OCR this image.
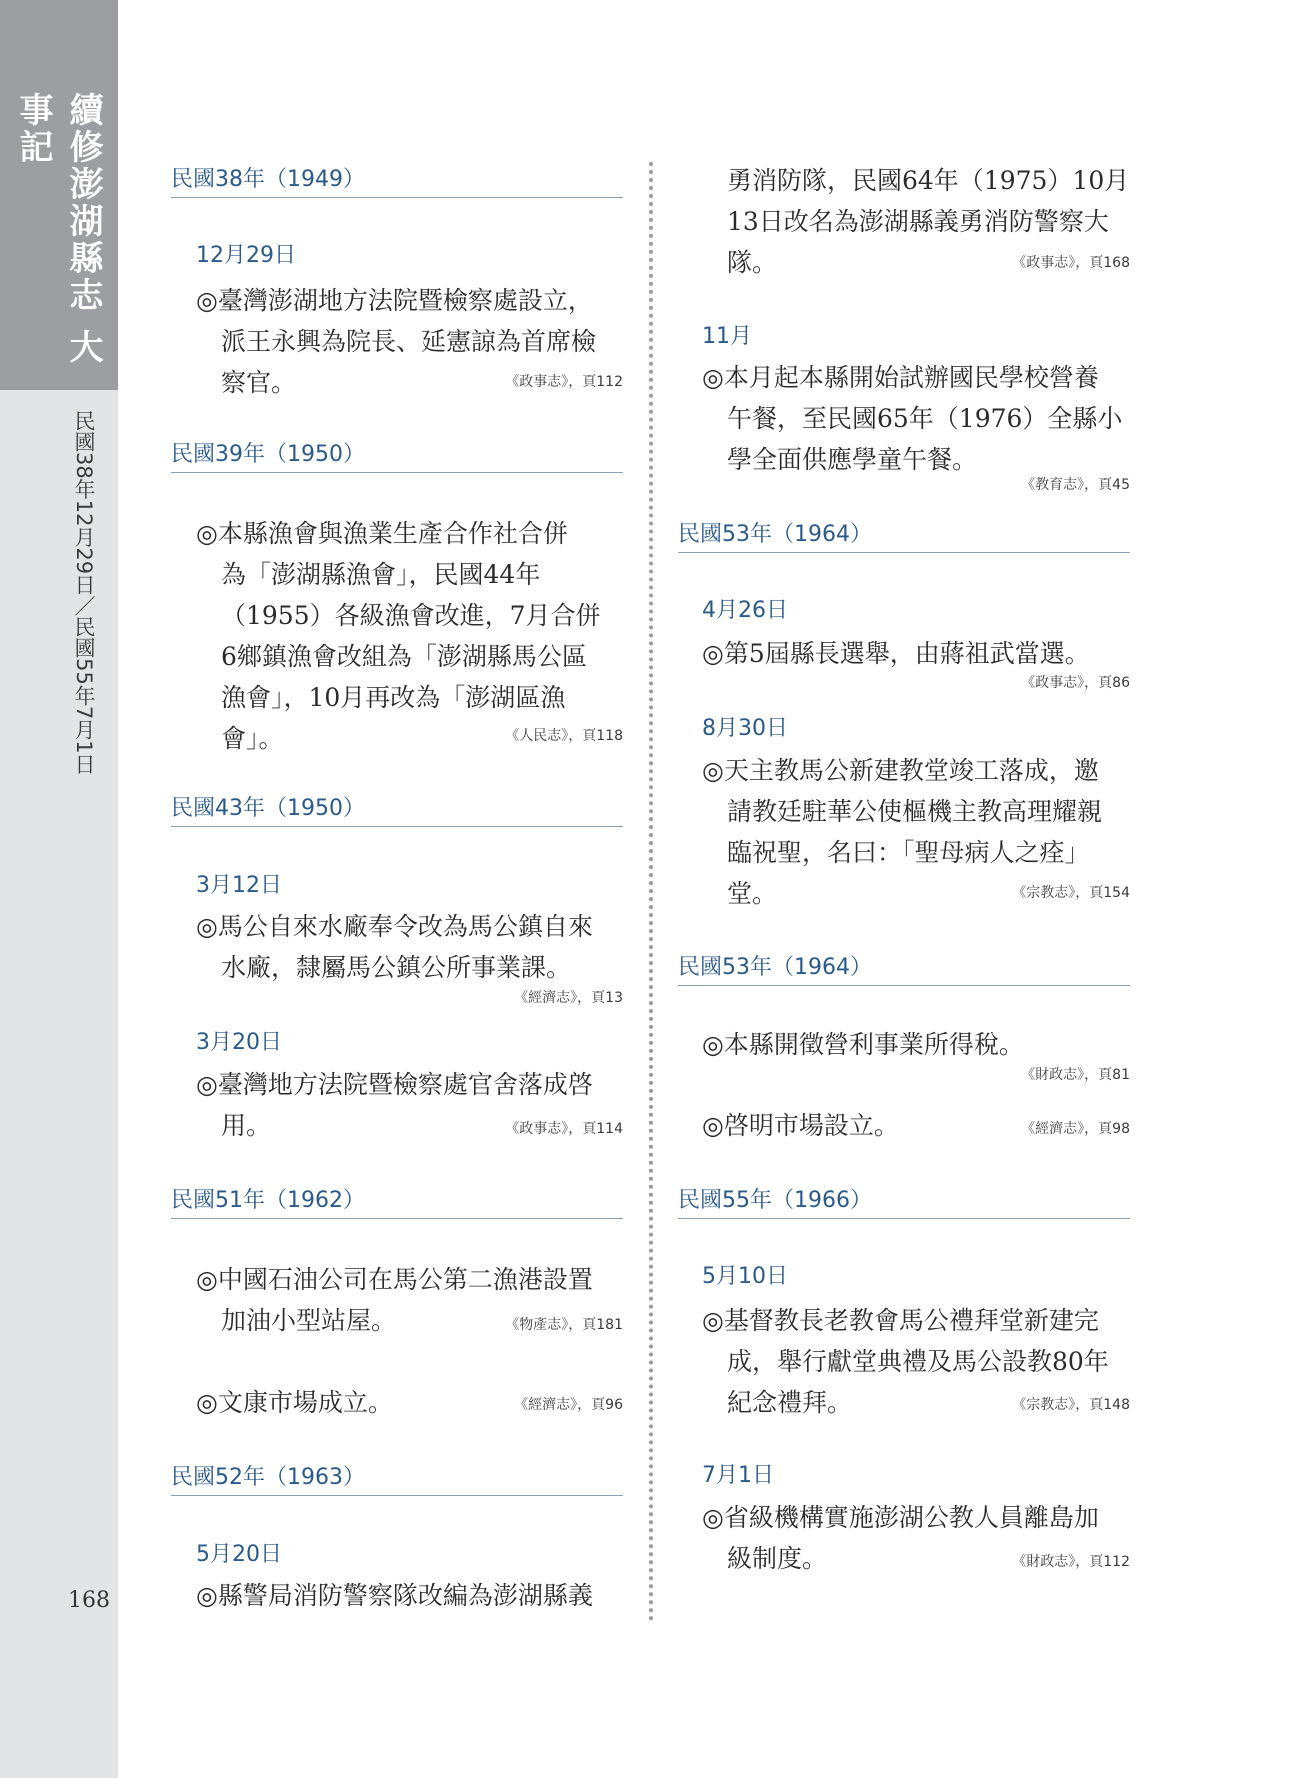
續修澎湖縣志 大事記
民國38年12月29日／民國55年7月1日
168
民國38年（1949）
12月29日
◎臺灣澎湖地方法院暨檢察處設立，
派王永興為院長、延憲諒為首席檢
察官。	《政事志》，頁112
民國39年（1950）
◎本縣漁會與漁業生產合作社合併
為「澎湖縣漁會」，民國44年
（1955）各級漁會改進，7月合併
6鄉鎮漁會改組為「澎湖縣馬公區
漁會」，10月再改為「澎湖區漁
會」。	《人民志》，頁118
民國43年（1950）
3月12日
◎馬公自來水廠奉令改為馬公鎮自來
水廠，隸屬馬公鎮公所事業課。
《經濟志》，頁13
3月20日
◎臺灣地方法院暨檢察處官舍落成啓
用。	《政事志》，頁114
民國51年（1962）
◎中國石油公司在馬公第二漁港設置
加油小型站屋。	《物產志》，頁181
◎文康市場成立。	《經濟志》，頁96
民國52年（1963）
5月20日
◎縣警局消防警察隊改編為澎湖縣義
勇消防隊，民國64年（1975）10月
13日改名為澎湖縣義勇消防警察大
隊。	《政事志》，頁168
11月
◎本月起本縣開始試辦國民學校營養
午餐，至民國65年（1976）全縣小
學全面供應學童午餐。
《教育志》，頁45
民國53年（1964）
4月26日
◎第5屆縣長選舉，由蔣祖武當選。
《政事志》，頁86
8月30日
◎天主教馬公新建教堂竣工落成，邀
請教廷駐華公使樞機主教高理耀親
臨祝聖，名曰：「聖母病人之痊」
堂。	《宗教志》，頁154
民國53年（1964）
◎本縣開徵營利事業所得稅。
《財政志》，頁81
◎啓明市場設立。	《經濟志》，頁98
民國55年（1966）
5月10日
◎基督教長老教會馬公禮拜堂新建完
成，舉行獻堂典禮及馬公設教80年
紀念禮拜。	《宗教志》，頁148
7月1日
◎省級機構實施澎湖公教人員離島加
級制度。	《財政志》，頁112
